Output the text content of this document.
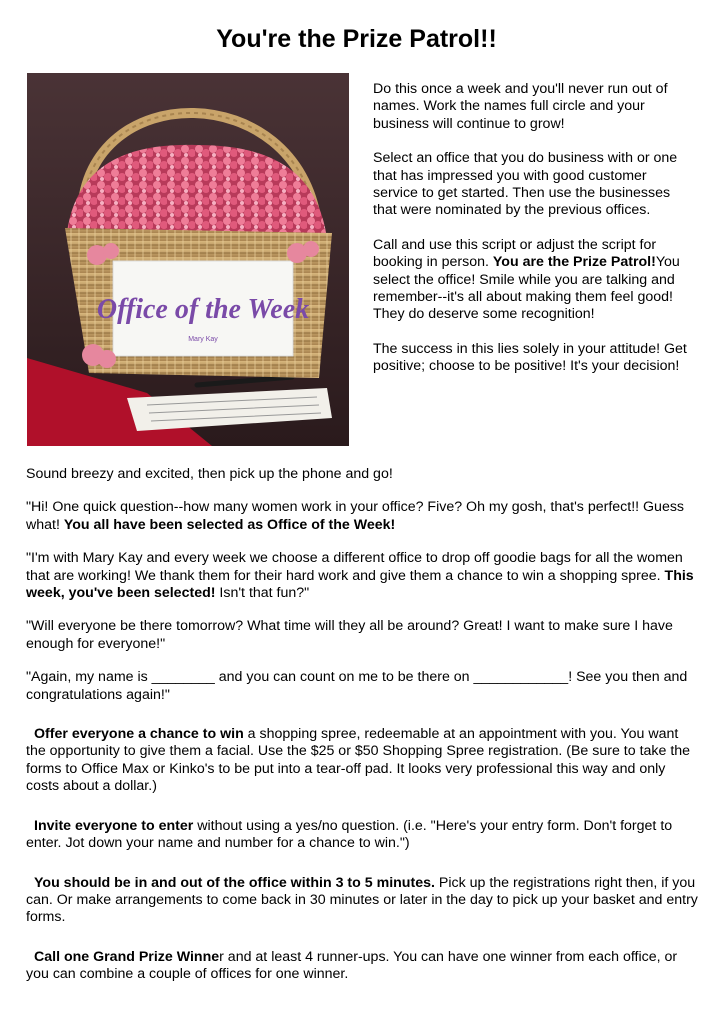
You're the Prize Patrol!!
Office of the Week
Mary Kay

Do this once a week and you'll never run out of names. Work the names full circle and your business will continue to grow!

Select an office that you do business with or one that has impressed you with good customer service to get started. Then use the businesses that were nominated by the previous offices.

Call and use this script or adjust the script for booking in person. You are the Prize Patrol!You select the office! Smile while you are talking and remember--it's all about making them feel good! They do deserve some recognition!

The success in this lies solely in your attitude! Get positive; choose to be positive! It's your decision!

Sound breezy and excited, then pick up the phone and go!

"Hi! One quick question--how many women work in your office? Five? Oh my gosh, that's perfect!! Guess what! You all have been selected as Office of the Week!

"I'm with Mary Kay and every week we choose a different office to drop off goodie bags for all the women that are working! We thank them for their hard work and give them a chance to win a shopping spree. This week, you've been selected! Isn't that fun?"

"Will everyone be there tomorrow? What time will they all be around? Great! I want to make sure I have enough for everyone!"

"Again, my name is ________ and you can count on me to be there on ____________! See you then and congratulations again!"

Offer everyone a chance to win a shopping spree, redeemable at an appointment with you. You want the opportunity to give them a facial. Use the $25 or $50 Shopping Spree registration. (Be sure to take the forms to Office Max or Kinko's to be put into a tear-off pad. It looks very professional this way and only costs about a dollar.)

Invite everyone to enter without using a yes/no question. (i.e. "Here's your entry form. Don't forget to enter. Jot down your name and number for a chance to win.")

You should be in and out of the office within 3 to 5 minutes. Pick up the registrations right then, if you can. Or make arrangements to come back in 30 minutes or later in the day to pick up your basket and entry forms.

Call one Grand Prize Winner and at least 4 runner-ups. You can have one winner from each office, or you can combine a couple of offices for one winner.
